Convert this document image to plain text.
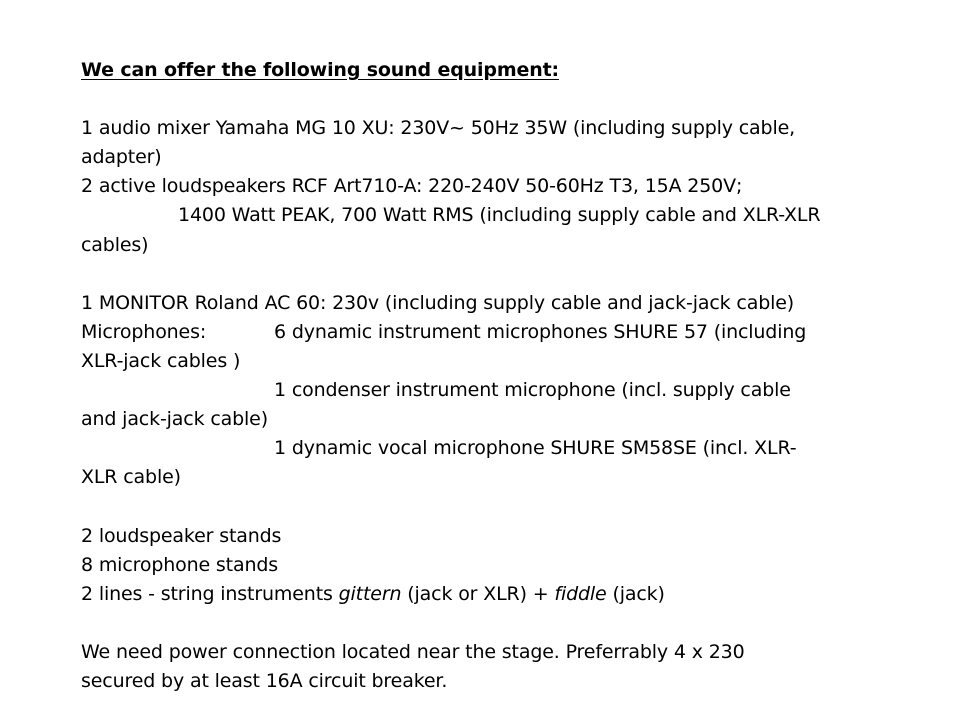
We can offer the following sound equipment:
1 audio mixer Yamaha MG 10 XU: 230V~ 50Hz 35W (including supply cable,
adapter)
2 active loudspeakers RCF Art710-A: 220-240V 50-60Hz T3, 15A 250V;
1400 Watt PEAK, 700 Watt RMS (including supply cable and XLR-XLR
cables)
1 MONITOR Roland AC 60: 230v (including supply cable and jack-jack cable)
Microphones:	6 dynamic instrument microphones SHURE 57 (including
XLR-jack cables )
1 condenser instrument microphone (incl. supply cable
and jack-jack cable)
1 dynamic vocal microphone SHURE SM58SE (incl. XLR-
XLR cable)
2 loudspeaker stands
8 microphone stands
2 lines - string instruments gittern (jack or XLR) + fiddle (jack)
We need power connection located near the stage. Preferrably 4 x 230
secured by at least 16A circuit breaker.
